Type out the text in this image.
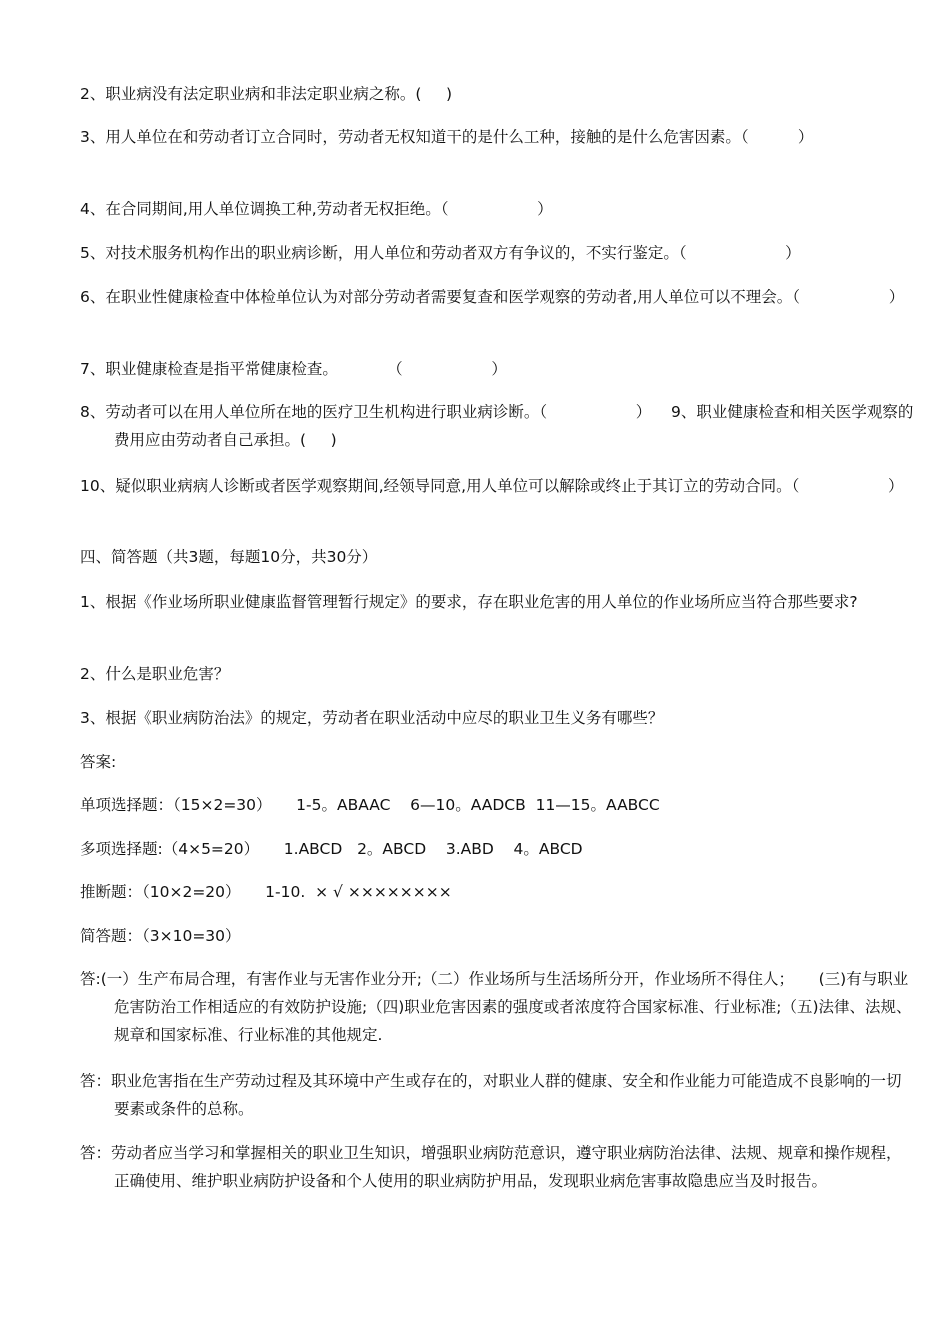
2、职业病没有法定职业病和非法定职业病之称。(     )

3、用人单位在和劳动者订立合同时，劳动者无权知道干的是什么工种，接触的是什么危害因素。（          ）

4、在合同期间,用人单位调换工种,劳动者无权拒绝。（                  ）

5、对技术服务机构作出的职业病诊断，用人单位和劳动者双方有争议的，不实行鉴定。（                    ）

6、在职业性健康检查中体检单位认为对部分劳动者需要复查和医学观察的劳动者,用人单位可以不理会。（                  ）

7、职业健康检查是指平常健康检查。          （                  ）

8、劳动者可以在用人单位所在地的医疗卫生机构进行职业病诊断。（                  ）    9、职业健康检查和相关医学观察的费用应由劳动者自己承担。(     )

10、疑似职业病病人诊断或者医学观察期间,经领导同意,用人单位可以解除或终止于其订立的劳动合同。（                  ）

四、简答题（共3题，每题10分，共30分）

1、根据《作业场所职业健康监督管理暂行规定》的要求，存在职业危害的用人单位的作业场所应当符合那些要求?

2、什么是职业危害？

3、根据《职业病防治法》的规定，劳动者在职业活动中应尽的职业卫生义务有哪些？

答案:

单项选择题：（15×2=30）     1-5。ABAAC    6—10。AADCB  11—15。AABCC

多项选择题:（4×5=20）     1.ABCD   2。ABCD    3.ABD    4。ABCD

推断题：（10×2=20）     1-10.  × √ ××××××××

简答题：（3×10=30）

答:(一）生产布局合理，有害作业与无害作业分开;（二）作业场所与生活场所分开，作业场所不得住人；     (三)有与职业危害防治工作相适应的有效防护设施;（四)职业危害因素的强度或者浓度符合国家标准、行业标准;（五)法律、法规、规章和国家标准、行业标准的其他规定.

答：职业危害指在生产劳动过程及其环境中产生或存在的，对职业人群的健康、安全和作业能力可能造成不良影响的一切要素或条件的总称。

答：劳动者应当学习和掌握相关的职业卫生知识，增强职业病防范意识，遵守职业病防治法律、法规、规章和操作规程，正确使用、维护职业病防护设备和个人使用的职业病防护用品，发现职业病危害事故隐患应当及时报告。
